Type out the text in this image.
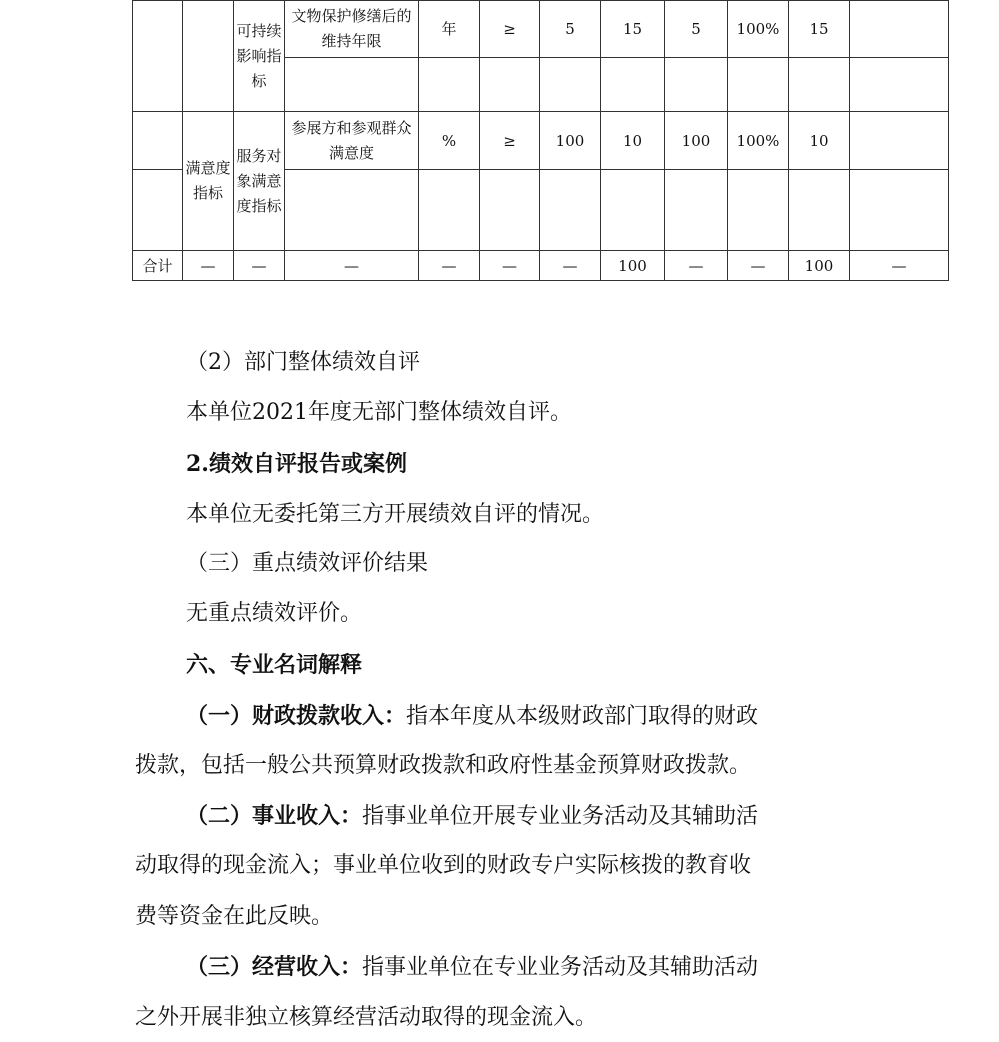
		可持续影响指标	文物保护修缮后的维持年限	年	≥	5	15	5	100%	15	

	满意度指标	服务对象满意度指标	参展方和参观群众满意度	%	≥	100	10	100	100%	10	

合计	—	—	—	—	—	—	100	—	—	100	—
（2）部门整体绩效自评
本单位2021年度无部门整体绩效自评。
2.绩效自评报告或案例
本单位无委托第三方开展绩效自评的情况。
（三）重点绩效评价结果
无重点绩效评价。
六、专业名词解释
（一）财政拨款收入：指本年度从本级财政部门取得的财政
拨款，包括一般公共预算财政拨款和政府性基金预算财政拨款。
（二）事业收入：指事业单位开展专业业务活动及其辅助活
动取得的现金流入；事业单位收到的财政专户实际核拨的教育收
费等资金在此反映。
（三）经营收入：指事业单位在专业业务活动及其辅助活动
之外开展非独立核算经营活动取得的现金流入。
